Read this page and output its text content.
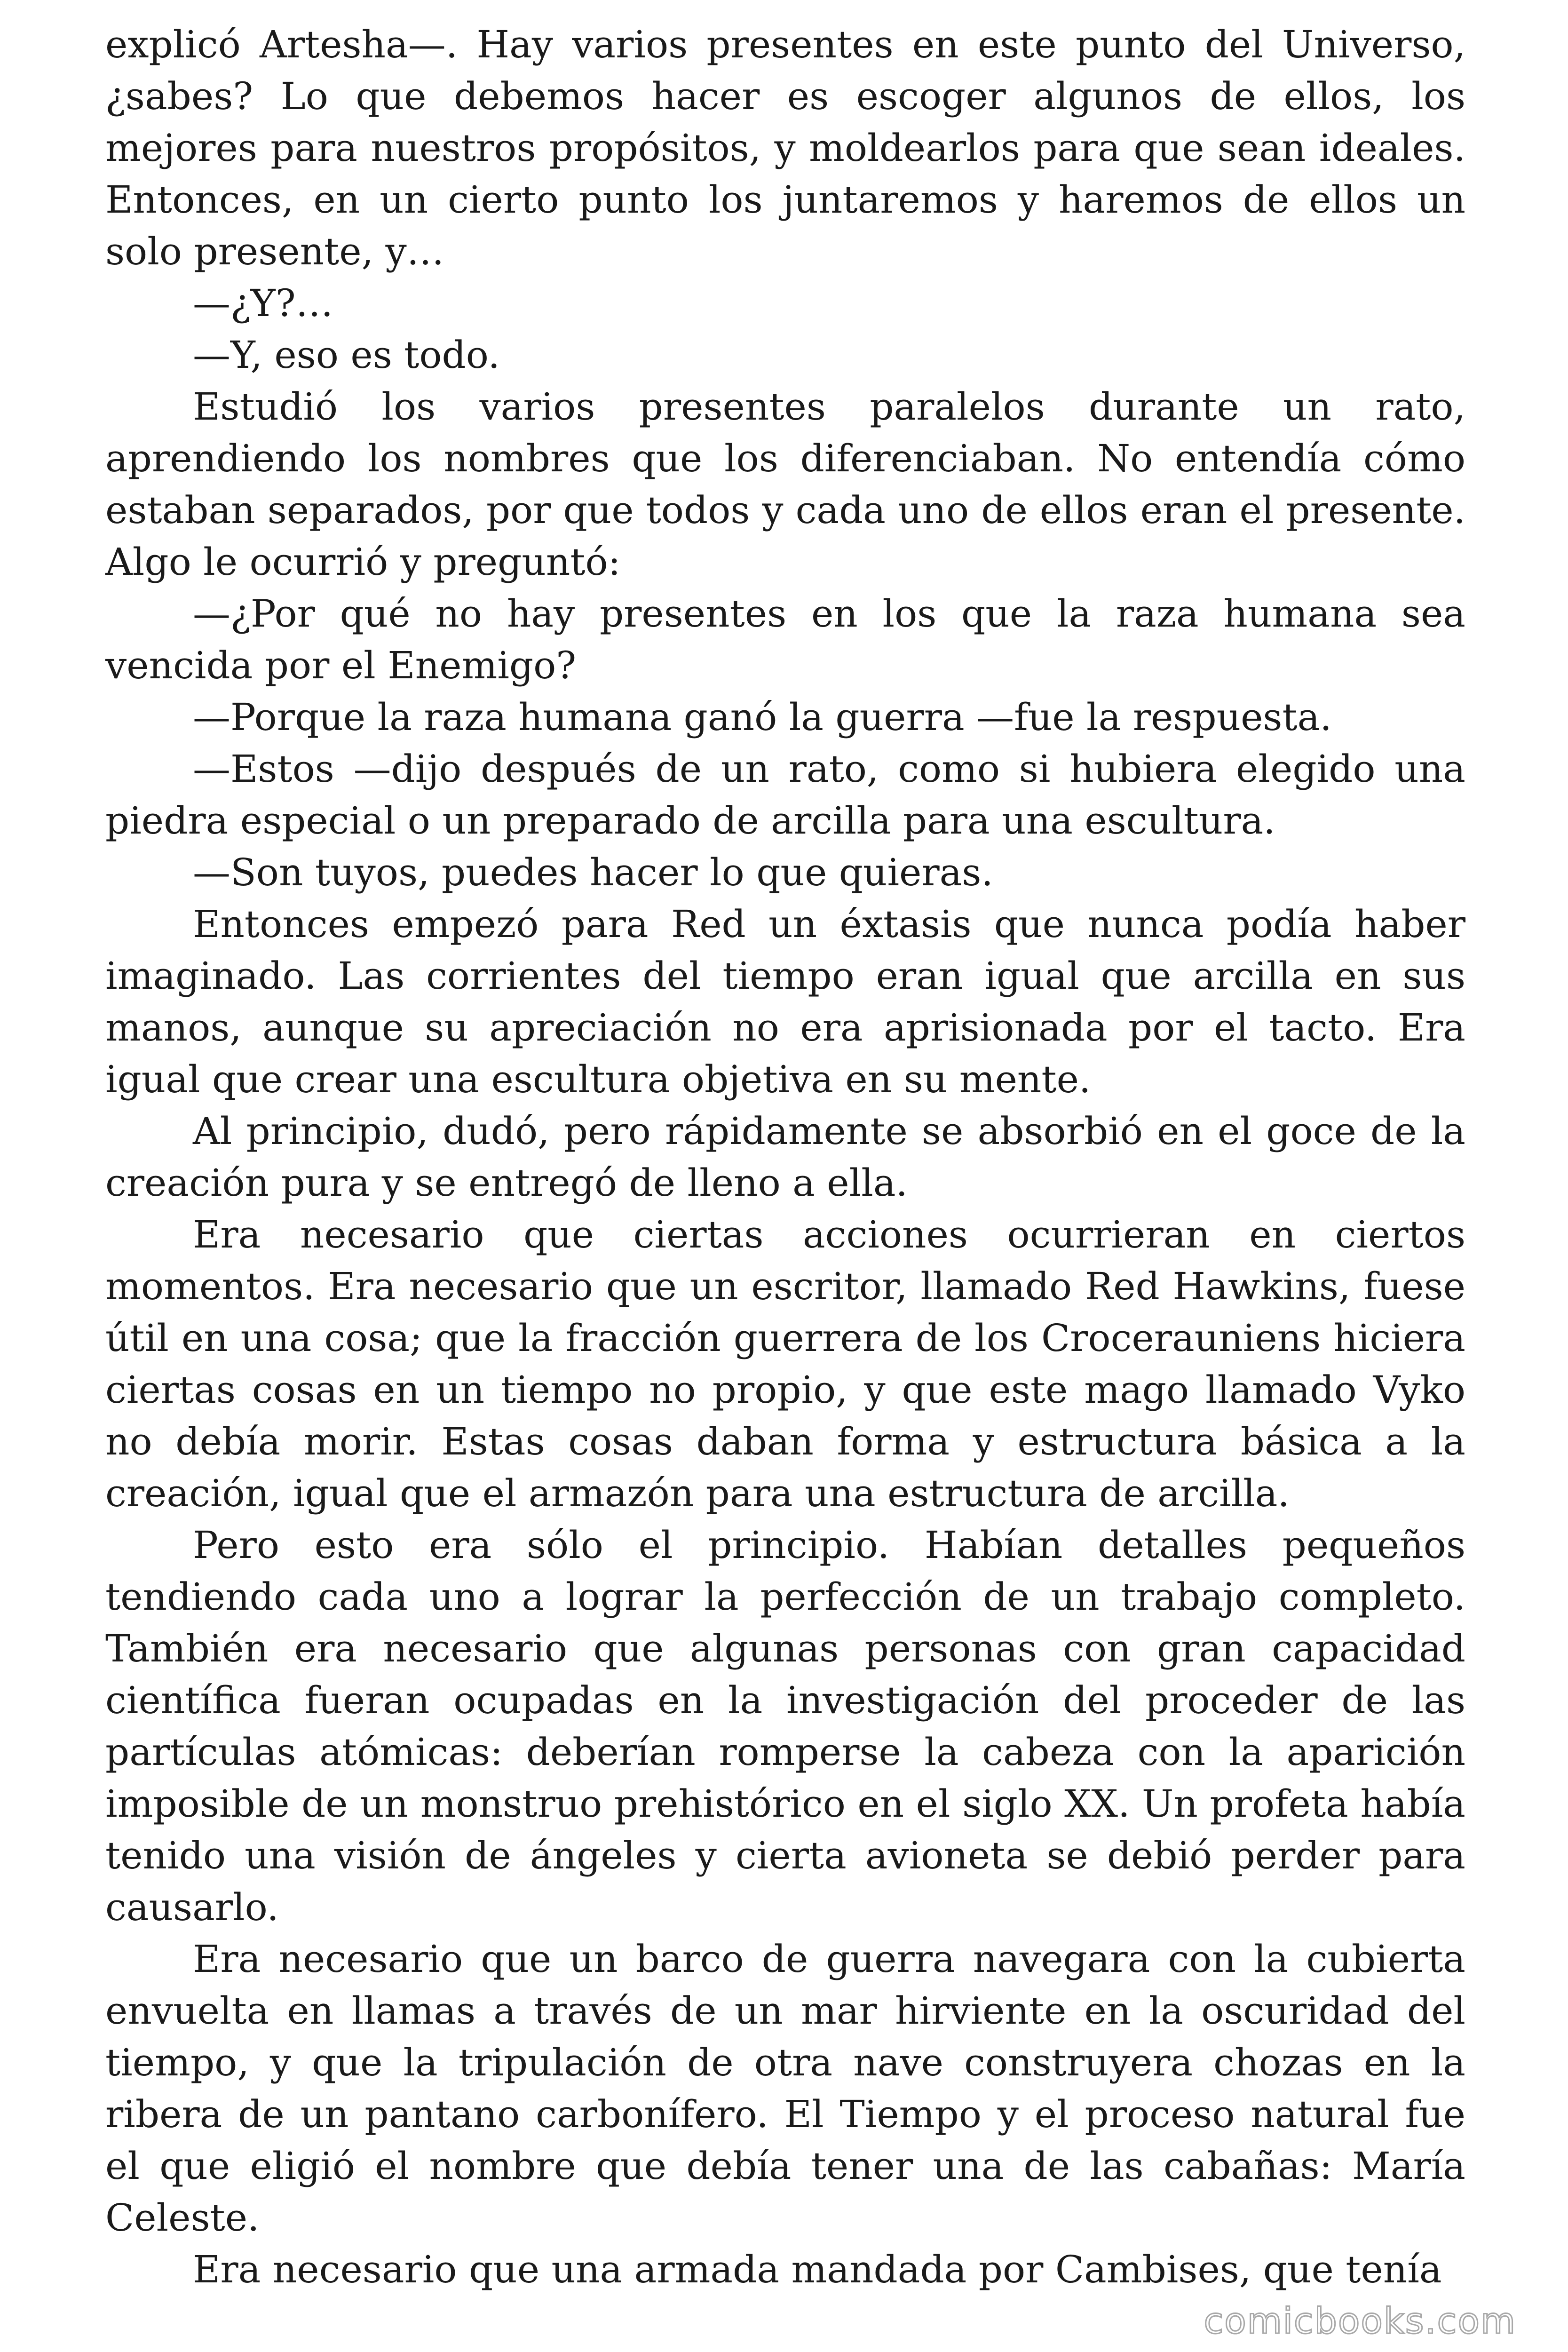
explicó Artesha—. Hay varios presentes en este punto del Universo, ¿sabes? Lo que debemos hacer es escoger algunos de ellos, los mejores para nuestros propósitos, y moldearlos para que sean ideales. Entonces, en un cierto punto los juntaremos y haremos de ellos un solo presente, y…

—¿Y?…

—Y, eso es todo.

Estudió los varios presentes paralelos durante un rato, aprendiendo los nombres que los diferenciaban. No entendía cómo estaban separados, por que todos y cada uno de ellos eran el presente. Algo le ocurrió y preguntó:

—¿Por qué no hay presentes en los que la raza humana sea vencida por el Enemigo?

—Porque la raza humana ganó la guerra —fue la respuesta.

—Estos —dijo después de un rato, como si hubiera elegido una piedra especial o un preparado de arcilla para una escultura.

—Son tuyos, puedes hacer lo que quieras.

Entonces empezó para Red un éxtasis que nunca podía haber imaginado. Las corrientes del tiempo eran igual que arcilla en sus manos, aunque su apreciación no era aprisionada por el tacto. Era igual que crear una escultura objetiva en su mente.

Al principio, dudó, pero rápidamente se absorbió en el goce de la creación pura y se entregó de lleno a ella.

Era necesario que ciertas acciones ocurrieran en ciertos momentos. Era necesario que un escritor, llamado Red Hawkins, fuese útil en una cosa; que la fracción guerrera de los Crocerauniens hiciera ciertas cosas en un tiempo no propio, y que este mago llamado Vyko no debía morir. Estas cosas daban forma y estructura básica a la creación, igual que el armazón para una estructura de arcilla.

Pero esto era sólo el principio. Habían detalles pequeños tendiendo cada uno a lograr la perfección de un trabajo completo. También era necesario que algunas personas con gran capacidad científica fueran ocupadas en la investigación del proceder de las partículas atómicas: deberían romperse la cabeza con la aparición imposible de un monstruo prehistórico en el siglo XX. Un profeta había tenido una visión de ángeles y cierta avioneta se debió perder para causarlo.

Era necesario que un barco de guerra navegara con la cubierta envuelta en llamas a través de un mar hirviente en la oscuridad del tiempo, y que la tripulación de otra nave construyera chozas en la ribera de un pantano carbonífero. El Tiempo y el proceso natural fue el que eligió el nombre que debía tener una de las cabañas: María Celeste.

Era necesario que una armada mandada por Cambises, que tenía

comicbooks.com
